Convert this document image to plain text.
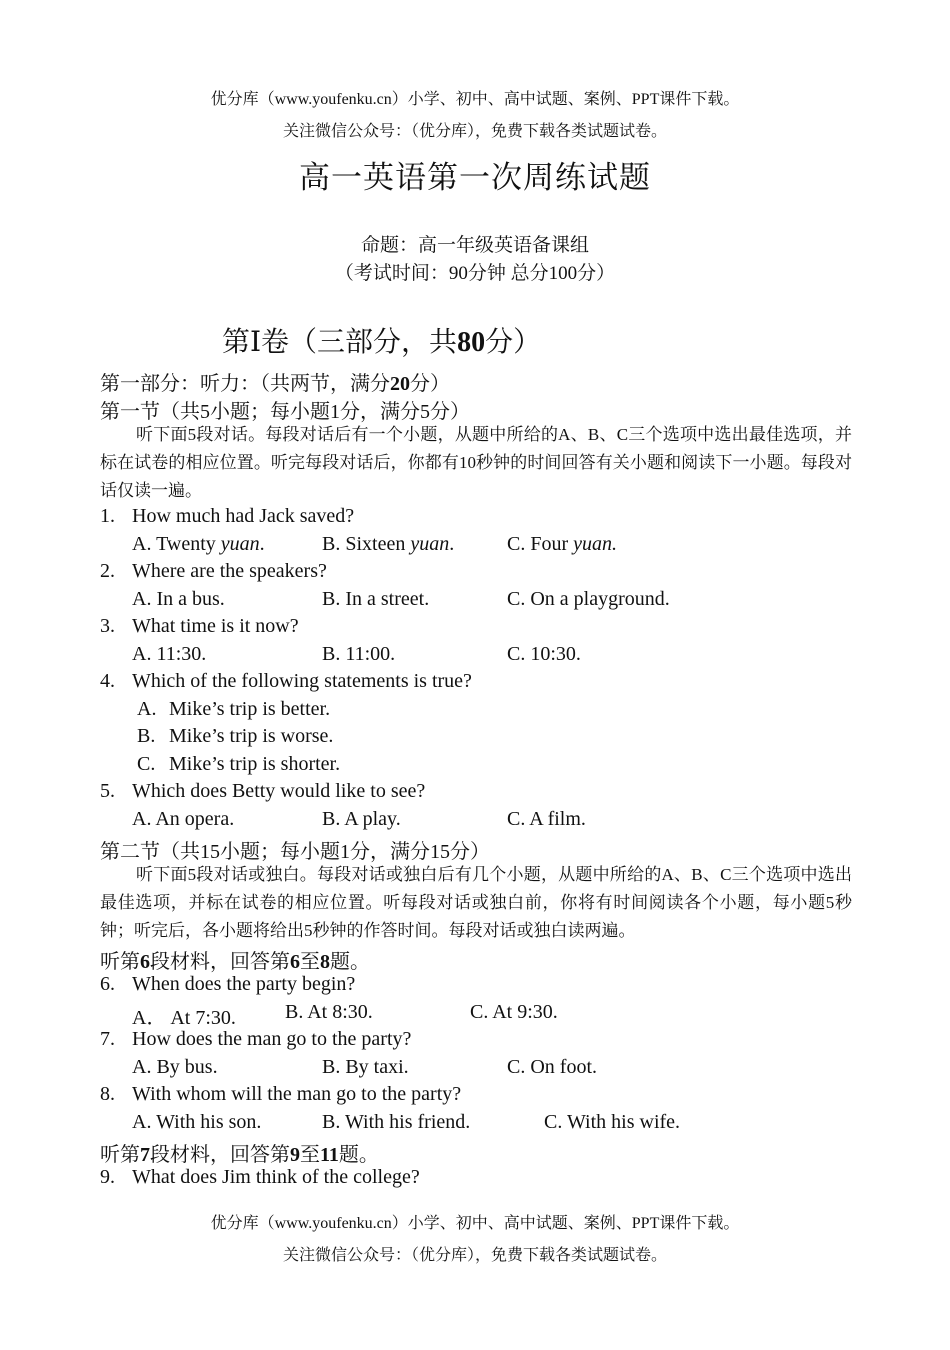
优分库（www.youfenku.cn）小学、初中、高中试题、案例、PPT课件下载。
关注微信公众号：（优分库），免费下载各类试题试卷。
高一英语第一次周练试题
命题：高一年级英语备课组
（考试时间：90分钟 总分100分）
第Ⅰ卷（三部分，共80分）
第一部分：听力：（共两节，满分20分）
第一节（共5小题；每小题1分，满分5分）
听下面5段对话。每段对话后有一个小题，从题中所给的A、B、C三个选项中选出最佳选项，并标在试卷的相应位置。听完每段对话后，你都有10秒钟的时间回答有关小题和阅读下一小题。每段对话仅读一遍。
1. How much had Jack saved?
A. Twenty yuan.	B. Sixteen yuan.	C. Four yuan.
2. Where are the speakers?
A. In a bus.	B. In a street.	C. On a playground.
3. What time is it now?
A. 11:30.	B. 11:00.	C. 10:30.
4. Which of the following statements is true?
A. Mike’s trip is better.
B. Mike’s trip is worse.
C. Mike’s trip is shorter.
5. Which does Betty would like to see?
A. An opera.	B. A play.	C. A film.
第二节（共15小题；每小题1分，满分15分）
听下面5段对话或独白。每段对话或独白后有几个小题，从题中所给的A、B、C三个选项中选出最佳选项，并标在试卷的相应位置。听每段对话或独白前，你将有时间阅读各个小题，每小题5秒钟；听完后，各小题将给出5秒钟的作答时间。每段对话或独白读两遍。
听第6段材料，回答第6至8题。
6. When does the party begin?
A． At 7:30. B. At 8:30.	C. At 9:30.
7. How does the man go to the party?
A. By bus.	B. By taxi.	C. On foot.
8. With whom will the man go to the party?
A. With his son.	B. With his friend.	C. With his wife.
听第7段材料，回答第9至11题。
9. What does Jim think of the college?
优分库（www.youfenku.cn）小学、初中、高中试题、案例、PPT课件下载。
关注微信公众号：（优分库），免费下载各类试题试卷。
